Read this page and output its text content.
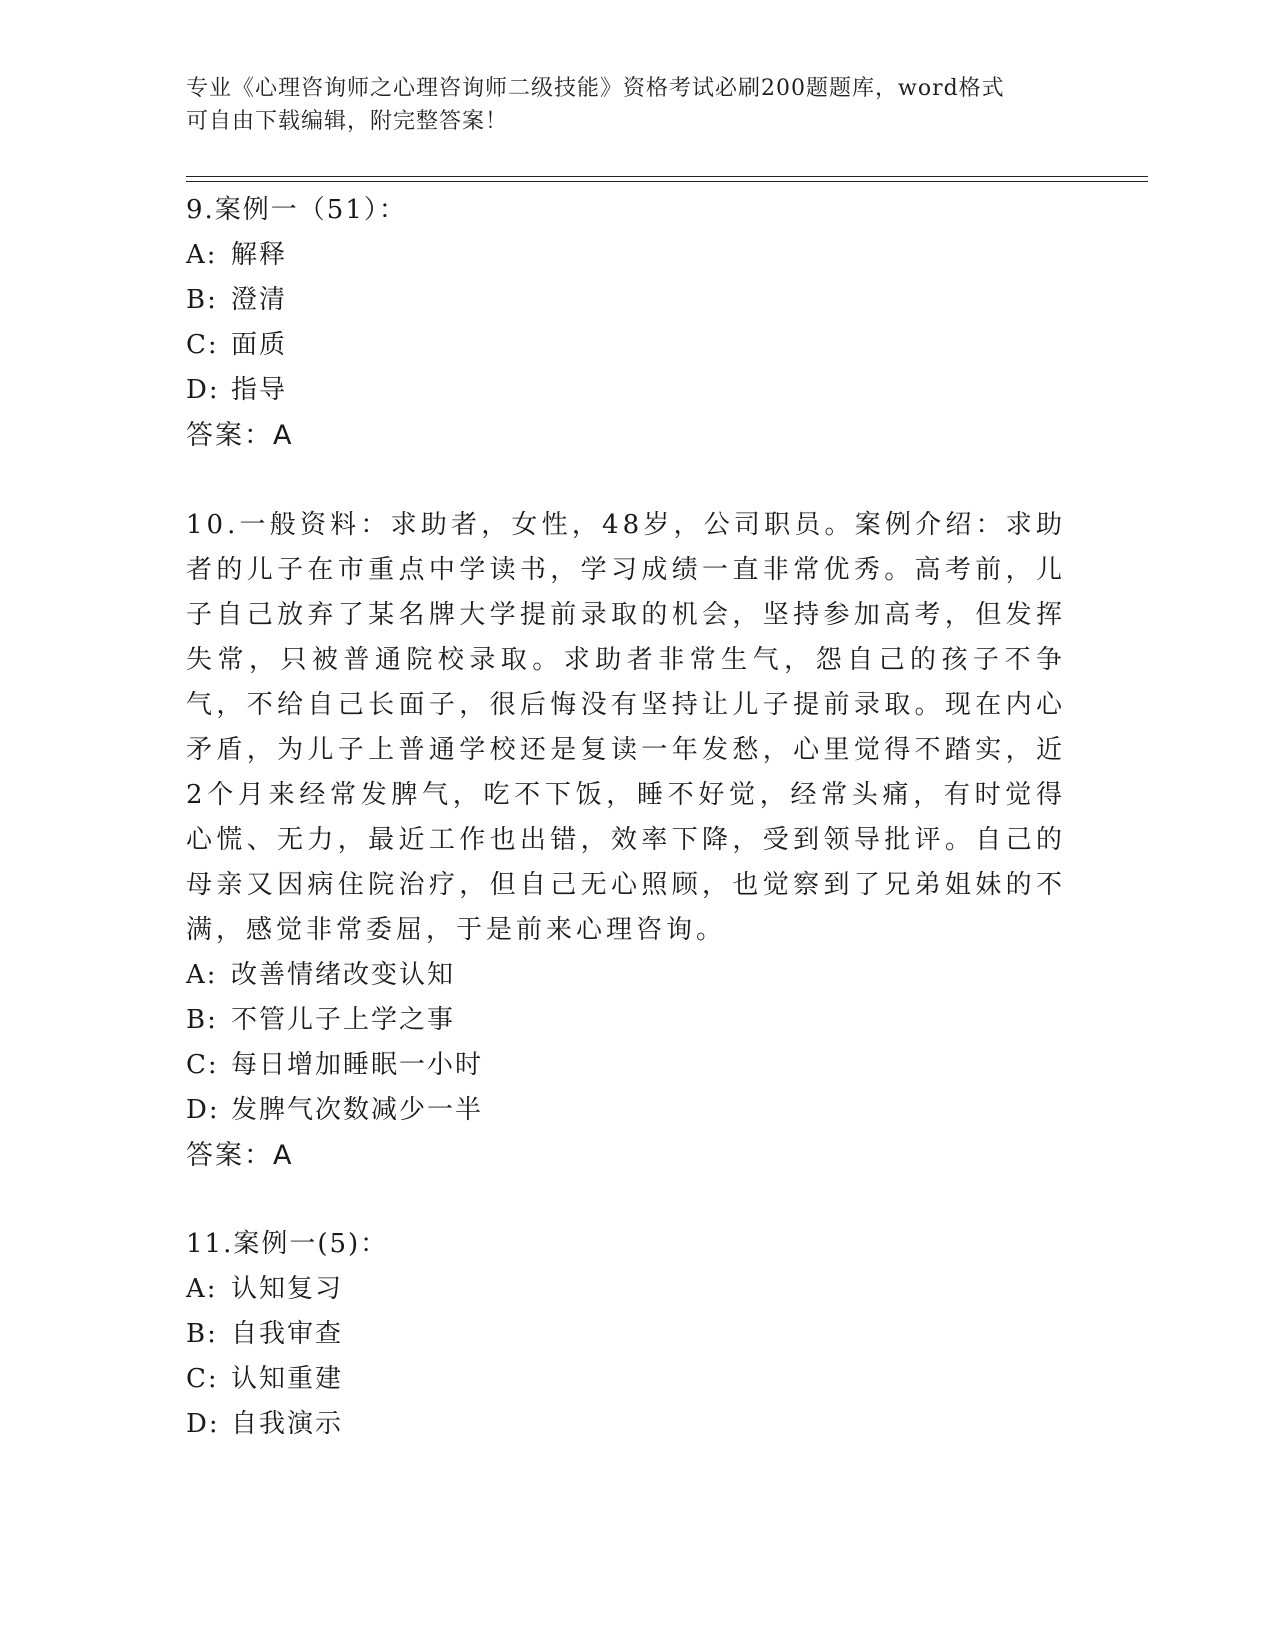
专业《心理咨询师之心理咨询师二级技能》资格考试必刷200题题库，word格式
可自由下载编辑，附完整答案！
9.案例一（51）：
A: 解释
B: 澄清
C: 面质
D: 指导
答案：A
10.一般资料：求助者，女性，48岁，公司职员。案例介绍：求助者的儿子在市重点中学读书，学习成绩一直非常优秀。高考前，儿子自己放弃了某名牌大学提前录取的机会，坚持参加高考，但发挥失常，只被普通院校录取。求助者非常生气，怨自己的孩子不争气，不给自己长面子，很后悔没有坚持让儿子提前录取。现在内心矛盾，为儿子上普通学校还是复读一年发愁，心里觉得不踏实，近2个月来经常发脾气，吃不下饭，睡不好觉，经常头痛，有时觉得心慌、无力，最近工作也出错，效率下降，受到领导批评。自己的母亲又因病住院治疗，但自己无心照顾，也觉察到了兄弟姐妹的不满，感觉非常委屈，于是前来心理咨询。
A: 改善情绪改变认知
B: 不管儿子上学之事
C: 每日增加睡眠一小时
D: 发脾气次数减少一半
答案：A
11.案例一(5)：
A: 认知复习
B: 自我审查
C: 认知重建
D: 自我演示
